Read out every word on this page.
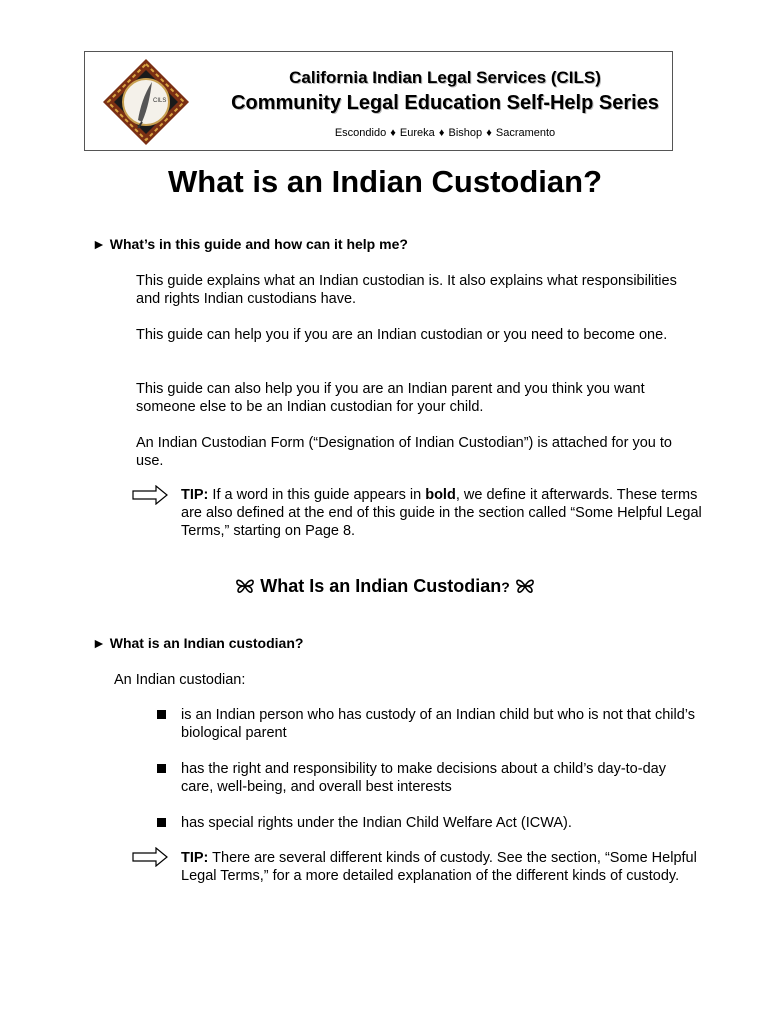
CILS
California Indian Legal Services (CILS)
Community Legal Education Self-Help Series
Escondido ♦ Eureka ♦ Bishop ♦ Sacramento
What is an Indian Custodian?
► What’s in this guide and how can it help me?
This guide explains what an Indian custodian is. It also explains what responsibilities and rights Indian custodians have.
This guide can help you if you are an Indian custodian or you need to become one.
This guide can also help you if you are an Indian parent and you think you want someone else to be an Indian custodian for your child.
An Indian Custodian Form (“Designation of Indian Custodian”) is attached for you to use.
TIP: If a word in this guide appears in bold, we define it afterwards. These terms are also defined at the end of this guide in the section called “Some Helpful Legal Terms,” starting on Page 8.
What Is an Indian Custodian?
► What is an Indian custodian?
An Indian custodian:
is an Indian person who has custody of an Indian child but who is not that child’s biological parent
has the right and responsibility to make decisions about a child’s day-to-day care, well-being, and overall best interests
has special rights under the Indian Child Welfare Act (ICWA).
TIP: There are several different kinds of custody. See the section, “Some Helpful Legal Terms,” for a more detailed explanation of the different kinds of custody.
